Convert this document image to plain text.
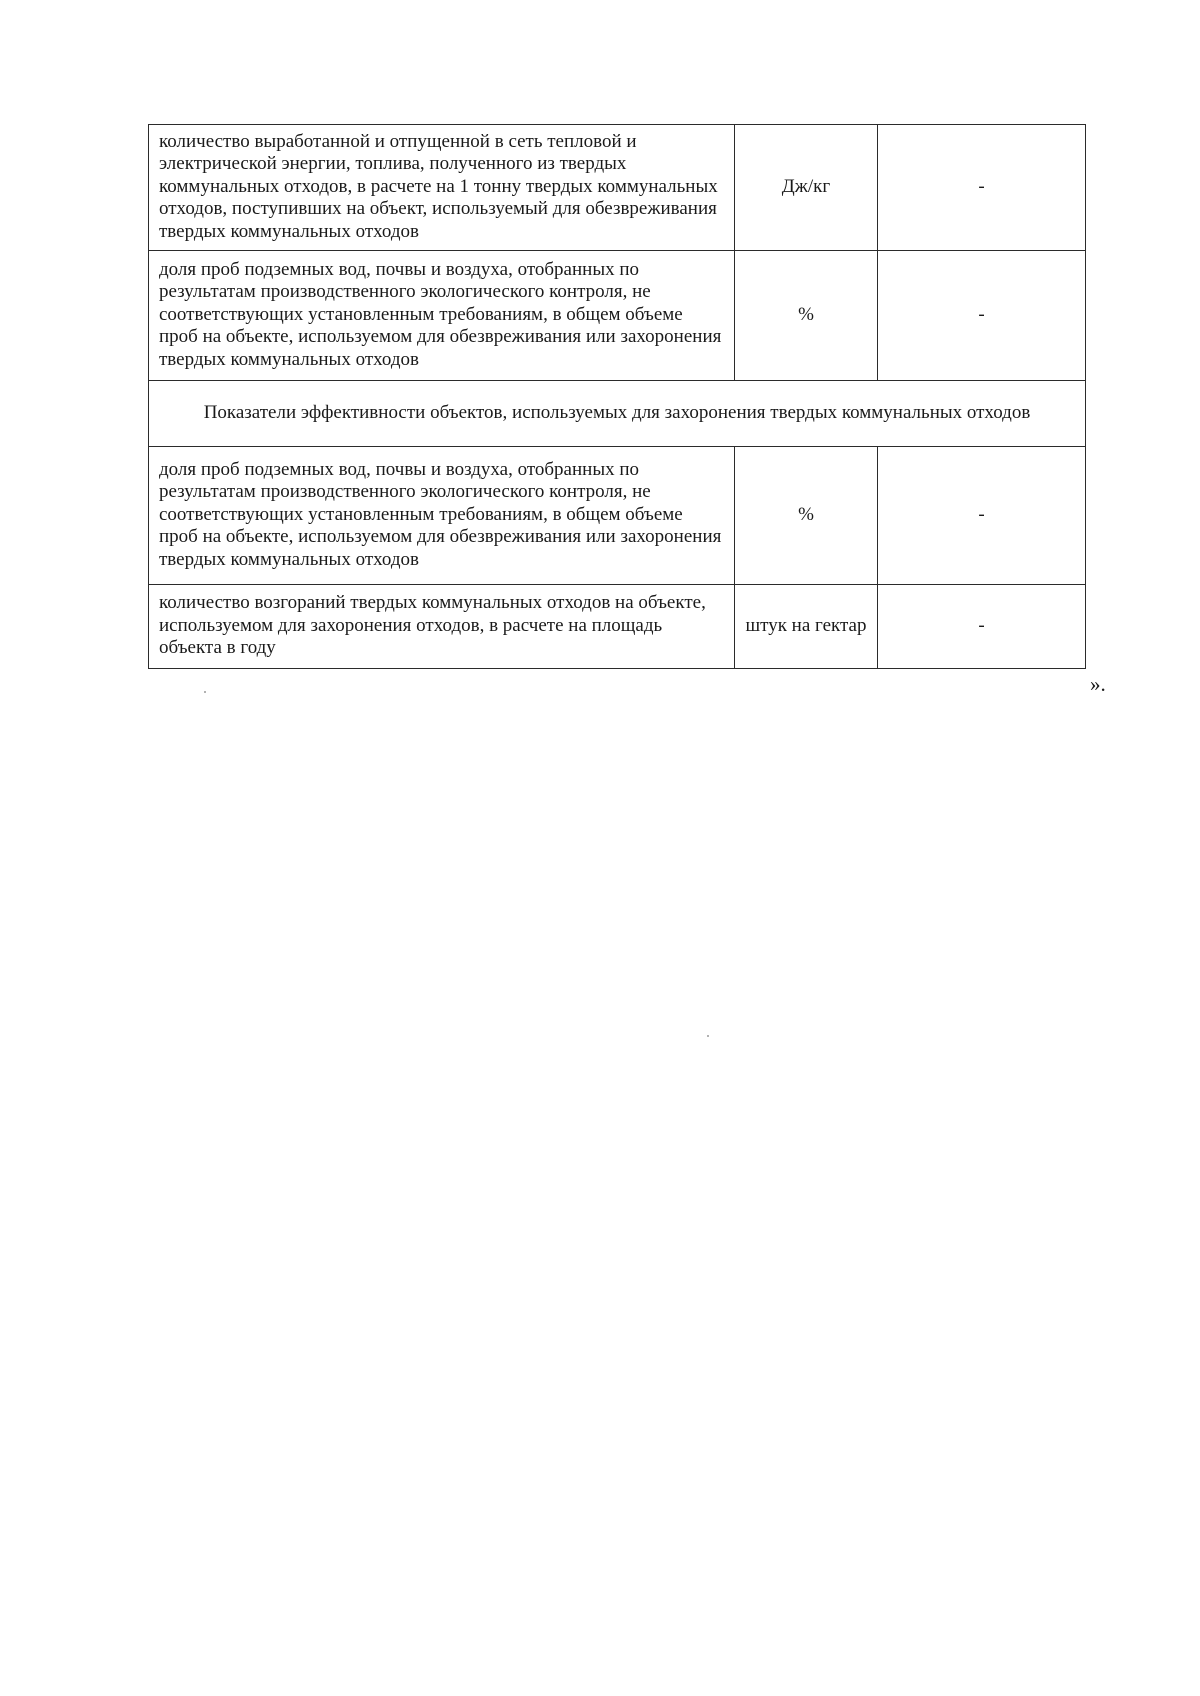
количество выработанной и отпущенной в сеть тепловой и электрической энергии, топлива, полученного из твердых коммунальных отходов, в расчете на 1 тонну твердых коммунальных отходов, поступивших на объект, используемый для обезвреживания твердых коммунальных отходов	Дж/кг	-
доля проб подземных вод, почвы и воздуха, отобранных по результатам производственного экологического контроля, не соответствующих установленным требованиям, в общем объеме проб на объекте, используемом для обезвреживания или захоронения твердых коммунальных отходов	%	-
Показатели эффективности объектов, используемых для захоронения твердых коммунальных отходов		
доля проб подземных вод, почвы и воздуха, отобранных по результатам производственного экологического контроля, не соответствующих установленным требованиям, в общем объеме проб на объекте, используемом для обезвреживания или захоронения твердых коммунальных отходов	%	-
количество возгораний твердых коммунальных отходов на объекте, используемом для захоронения отходов, в расчете на площадь объекта в году	штук на гектар	-
».
